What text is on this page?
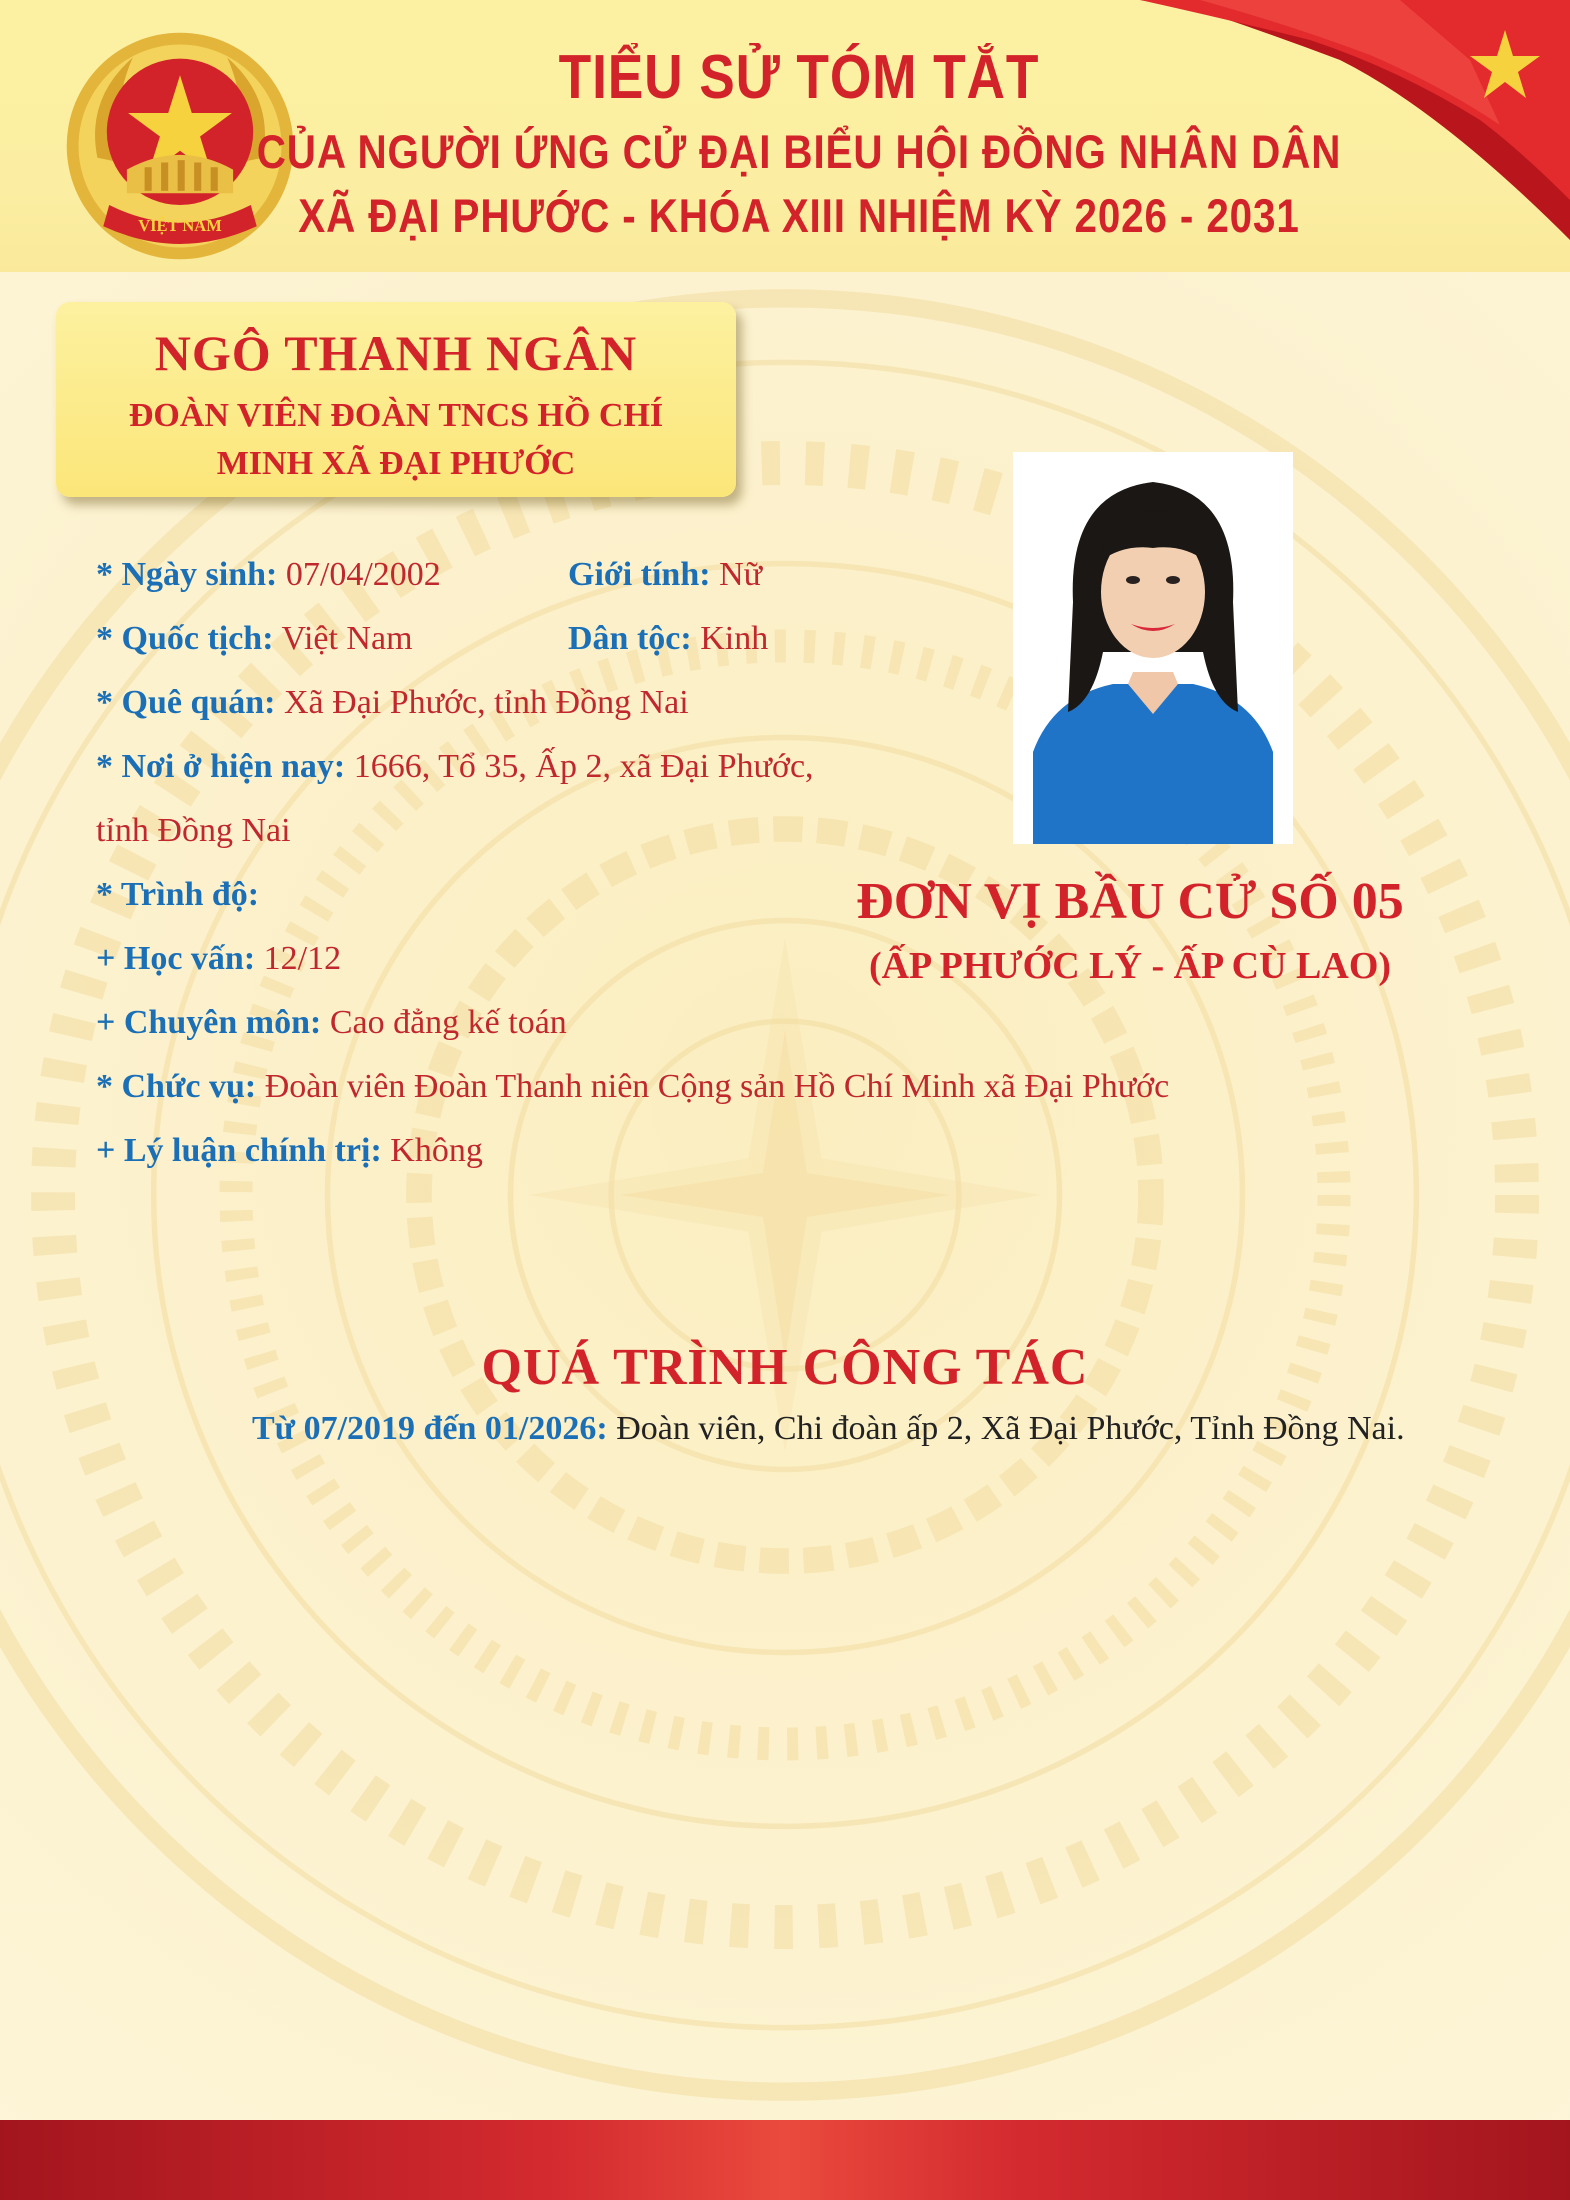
VIỆT NAM

TIỂU SỬ TÓM TẮT

CỦA NGƯỜI ỨNG CỬ ĐẠI BIỂU HỘI ĐỒNG NHÂN DÂN

XÃ ĐẠI PHƯỚC - KHÓA XIII NHIỆM KỲ 2026 - 2031

NGÔ THANH NGÂN

ĐOÀN VIÊN ĐOÀN TNCS HỒ CHÍ MINH XÃ ĐẠI PHƯỚC

* Ngày sinh: 07/04/2002	Giới tính: Nữ
* Quốc tịch: Việt Nam	Dân tộc: Kinh
* Quê quán: Xã Đại Phước, tỉnh Đồng Nai
* Nơi ở hiện nay: 1666, Tổ 35, Ấp 2, xã Đại Phước,
tỉnh Đồng Nai
* Trình độ:
+ Học vấn: 12/12
+ Chuyên môn: Cao đẳng kế toán
* Chức vụ: Đoàn viên Đoàn Thanh niên Cộng sản Hồ Chí Minh xã Đại Phước
+ Lý luận chính trị: Không

ĐƠN VỊ BẦU CỬ SỐ 05

(ẤP PHƯỚC LÝ - ẤP CÙ LAO)

QUÁ TRÌNH CÔNG TÁC

Từ 07/2019 đến 01/2026: Đoàn viên, Chi đoàn ấp 2, Xã Đại Phước, Tỉnh Đồng Nai.
